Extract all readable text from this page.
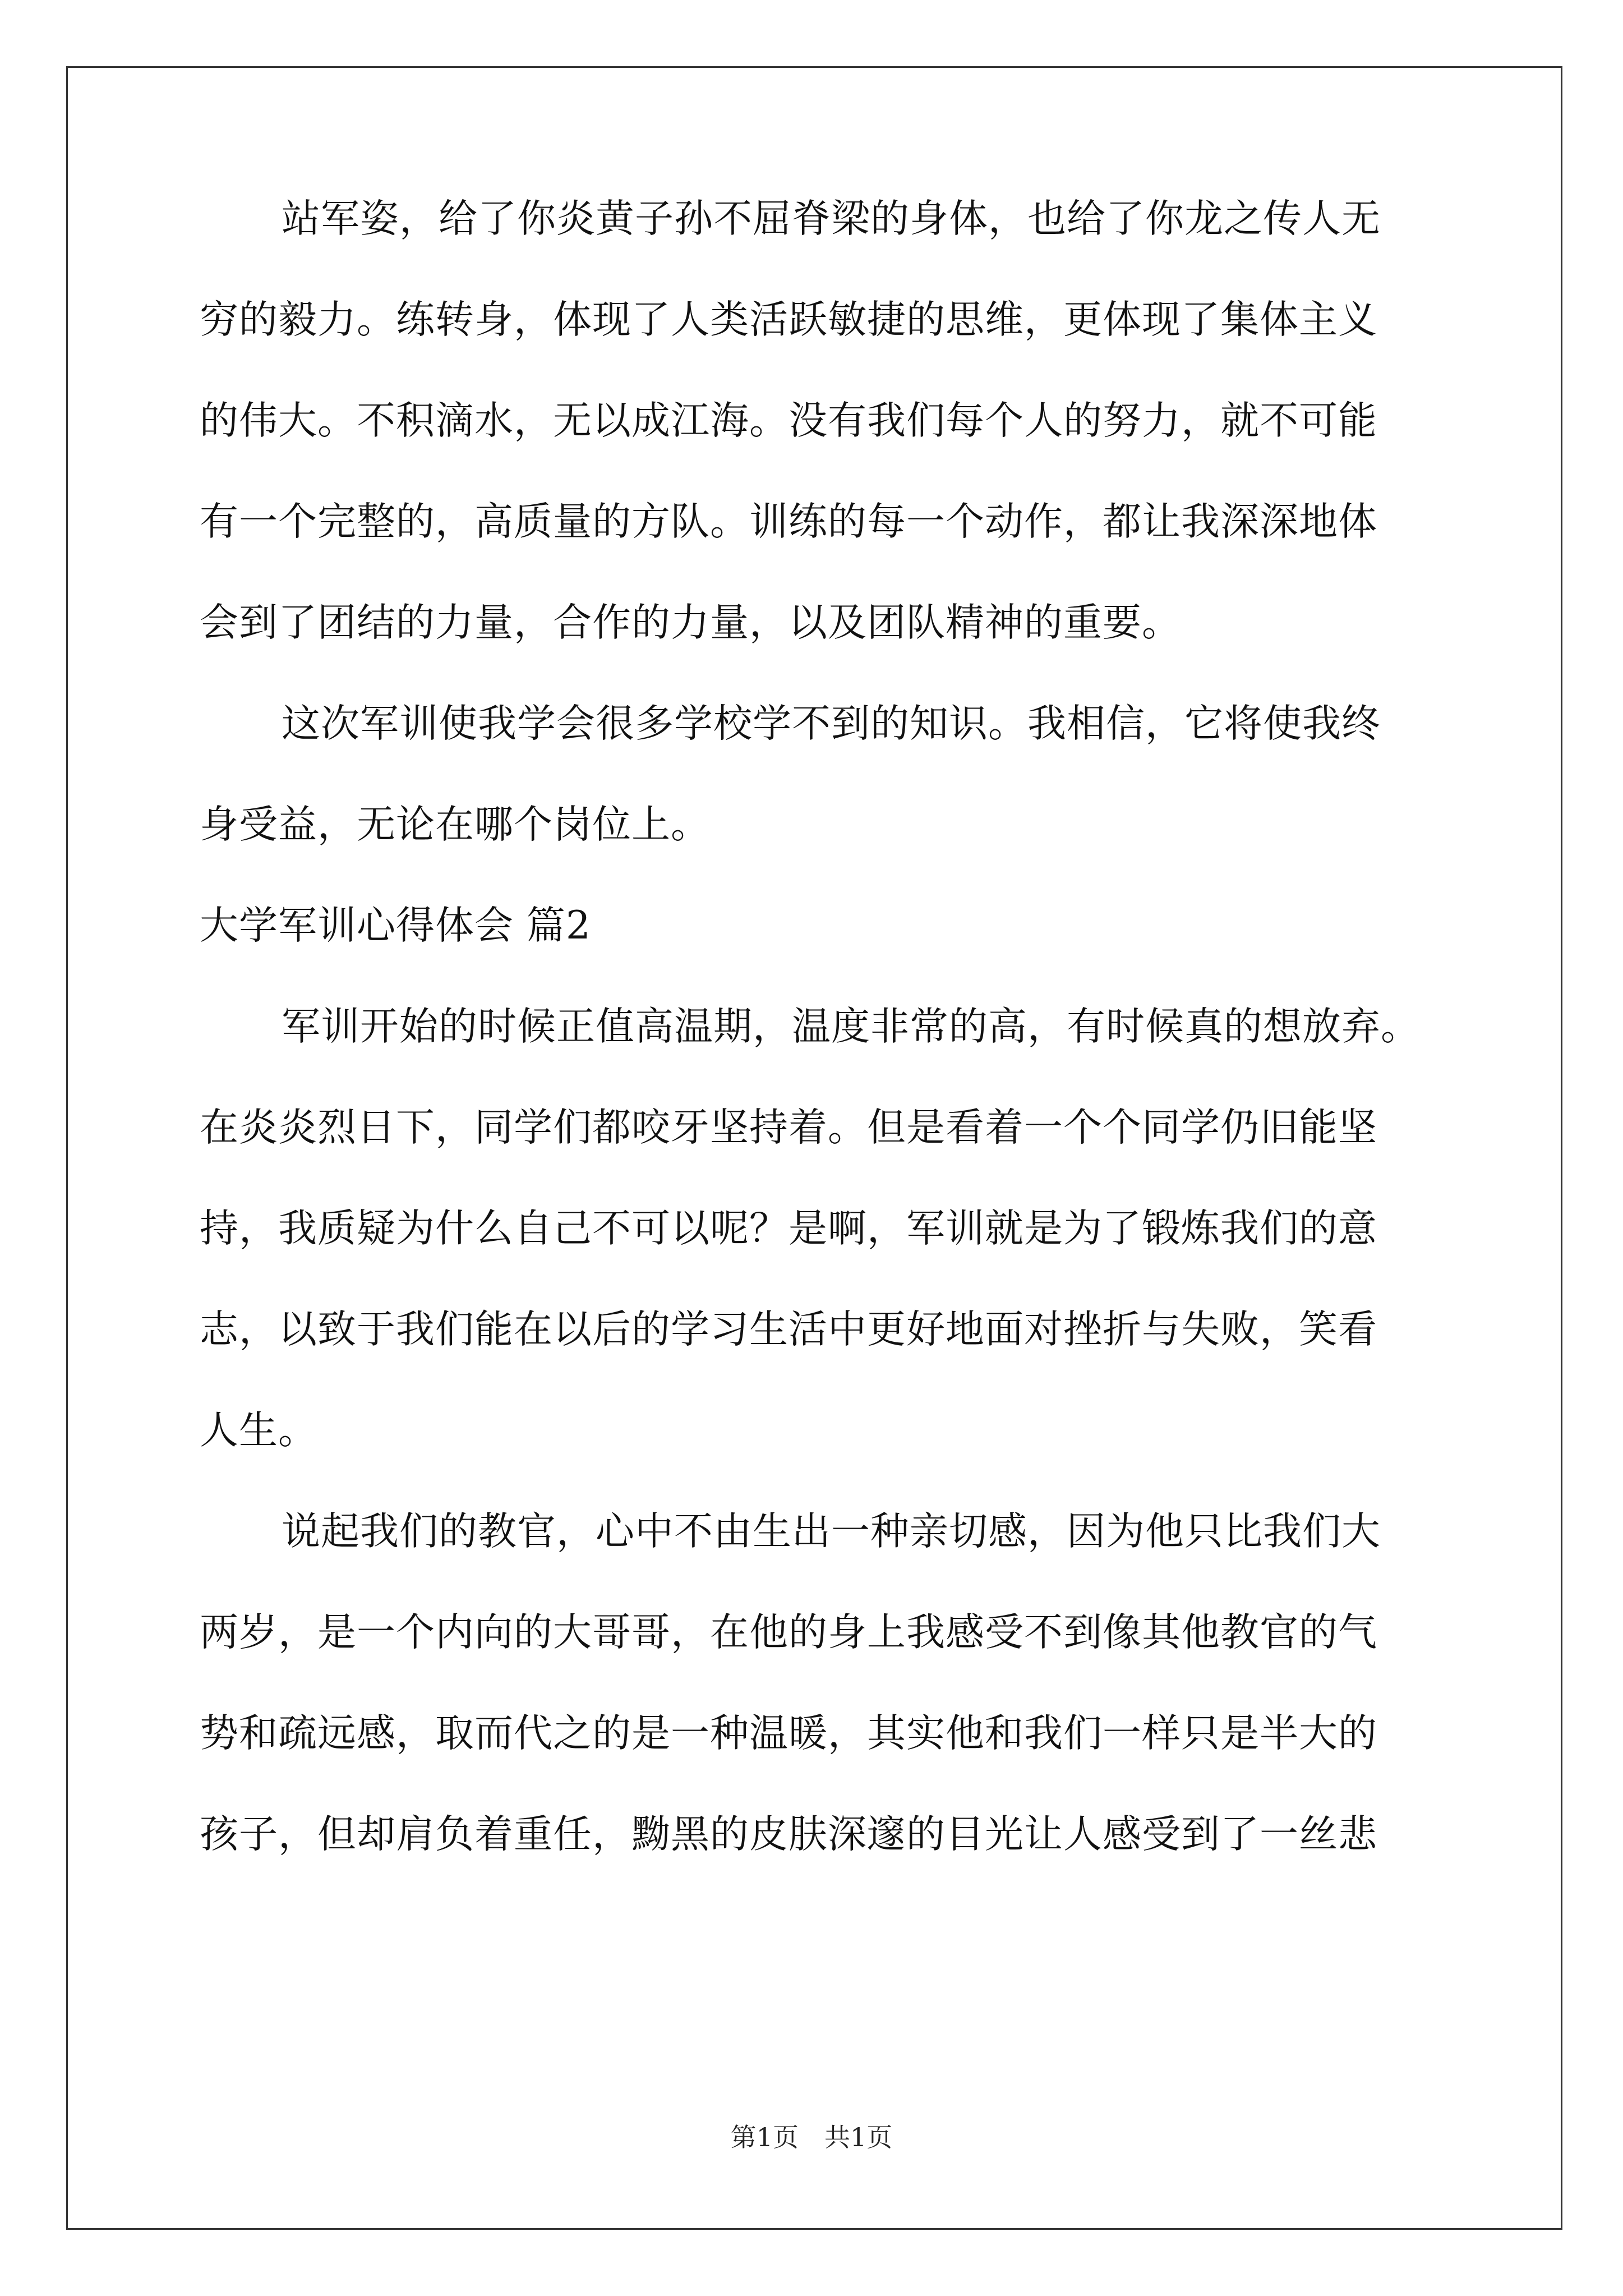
站军姿，给了你炎黄子孙不屈脊梁的身体，也给了你龙之传人无
穷的毅力。练转身，体现了人类活跃敏捷的思维，更体现了集体主义
的伟大。不积滴水，无以成江海。没有我们每个人的努力，就不可能
有一个完整的，高质量的方队。训练的每一个动作，都让我深深地体
会到了团结的力量，合作的力量，以及团队精神的重要。
这次军训使我学会很多学校学不到的知识。我相信，它将使我终
身受益，无论在哪个岗位上。
大学军训心得体会 篇2
军训开始的时候正值高温期，温度非常的高，有时候真的想放弃。
在炎炎烈日下，同学们都咬牙坚持着。但是看着一个个同学仍旧能坚
持，我质疑为什么自己不可以呢？是啊，军训就是为了锻炼我们的意
志，以致于我们能在以后的学习生活中更好地面对挫折与失败，笑看
人生。
说起我们的教官，心中不由生出一种亲切感，因为他只比我们大
两岁，是一个内向的大哥哥，在他的身上我感受不到像其他教官的气
势和疏远感，取而代之的是一种温暖，其实他和我们一样只是半大的
孩子，但却肩负着重任，黝黑的皮肤深邃的目光让人感受到了一丝悲
第1页　共1页
